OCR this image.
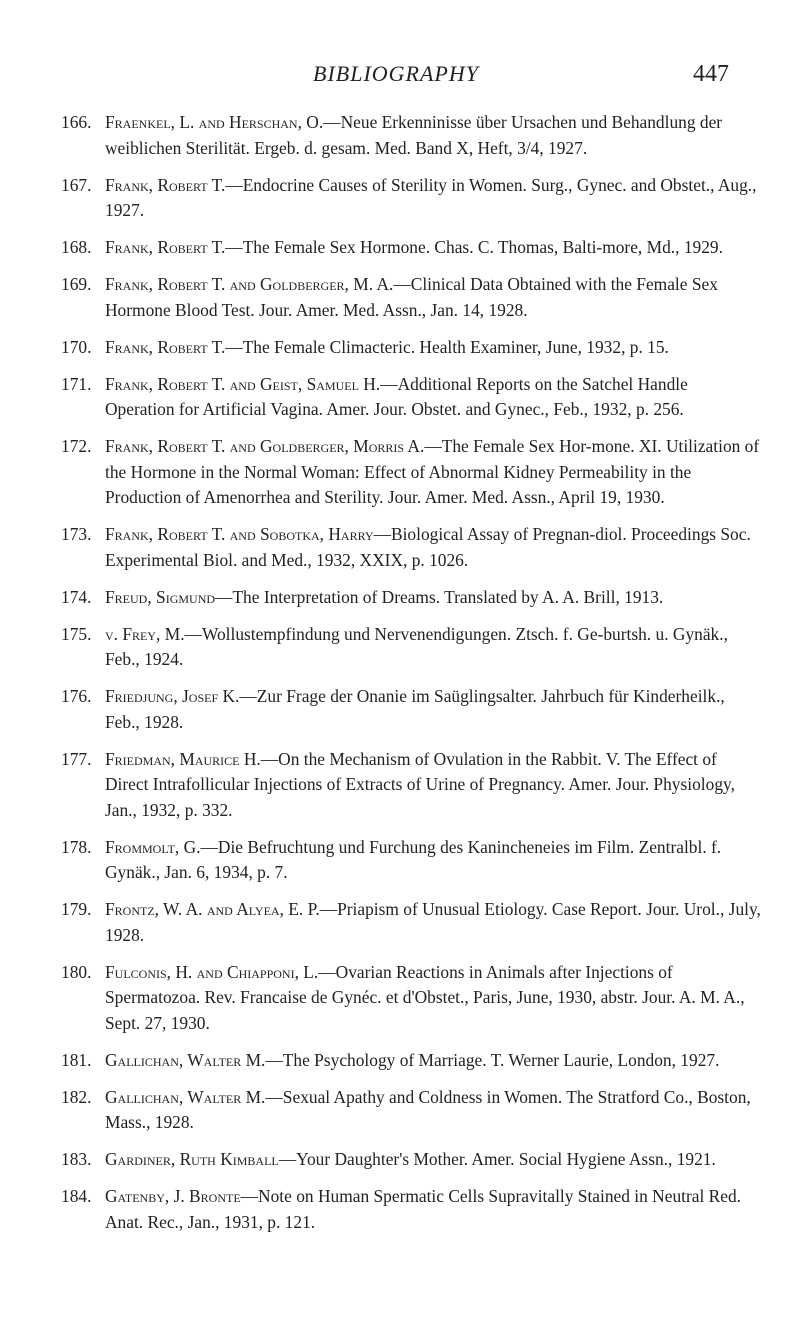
BIBLIOGRAPHY	447
166. Fraenkel, L. and Herschan, O.—Neue Erkenninisse über Ursachen und Behandlung der weiblichen Sterilität. Ergeb. d. gesam. Med. Band X, Heft, 3/4, 1927.
167. Frank, Robert T.—Endocrine Causes of Sterility in Women. Surg., Gynec. and Obstet., Aug., 1927.
168. Frank, Robert T.—The Female Sex Hormone. Chas. C. Thomas, Balti-more, Md., 1929.
169. Frank, Robert T. and Goldberger, M. A.—Clinical Data Obtained with the Female Sex Hormone Blood Test. Jour. Amer. Med. Assn., Jan. 14, 1928.
170. Frank, Robert T.—The Female Climacteric. Health Examiner, June, 1932, p. 15.
171. Frank, Robert T. and Geist, Samuel H.—Additional Reports on the Satchel Handle Operation for Artificial Vagina. Amer. Jour. Obstet. and Gynec., Feb., 1932, p. 256.
172. Frank, Robert T. and Goldberger, Morris A.—The Female Sex Hor-mone. XI. Utilization of the Hormone in the Normal Woman: Effect of Abnormal Kidney Permeability in the Production of Amenorrhea and Sterility. Jour. Amer. Med. Assn., April 19, 1930.
173. Frank, Robert T. and Sobotka, Harry—Biological Assay of Pregnan-diol. Proceedings Soc. Experimental Biol. and Med., 1932, XXIX, p. 1026.
174. Freud, Sigmund—The Interpretation of Dreams. Translated by A. A. Brill, 1913.
175. v. Frey, M.—Wollustempfindung und Nervenendigungen. Ztsch. f. Ge-burtsh. u. Gynäk., Feb., 1924.
176. Friedjung, Josef K.—Zur Frage der Onanie im Saüglingsalter. Jahrbuch für Kinderheilk., Feb., 1928.
177. Friedman, Maurice H.—On the Mechanism of Ovulation in the Rabbit. V. The Effect of Direct Intrafollicular Injections of Extracts of Urine of Pregnancy. Amer. Jour. Physiology, Jan., 1932, p. 332.
178. Frommolt, G.—Die Befruchtung und Furchung des Kanincheneies im Film. Zentralbl. f. Gynäk., Jan. 6, 1934, p. 7.
179. Frontz, W. A. and Alyea, E. P.—Priapism of Unusual Etiology. Case Report. Jour. Urol., July, 1928.
180. Fulconis, H. and Chiapponi, L.—Ovarian Reactions in Animals after Injections of Spermatozoa. Rev. Francaise de Gynéc. et d'Obstet., Paris, June, 1930, abstr. Jour. A. M. A., Sept. 27, 1930.
181. Gallichan, Walter M.—The Psychology of Marriage. T. Werner Laurie, London, 1927.
182. Gallichan, Walter M.—Sexual Apathy and Coldness in Women. The Stratford Co., Boston, Mass., 1928.
183. Gardiner, Ruth Kimball—Your Daughter's Mother. Amer. Social Hygiene Assn., 1921.
184. Gatenby, J. Bronte—Note on Human Spermatic Cells Supravitally Stained in Neutral Red. Anat. Rec., Jan., 1931, p. 121.
